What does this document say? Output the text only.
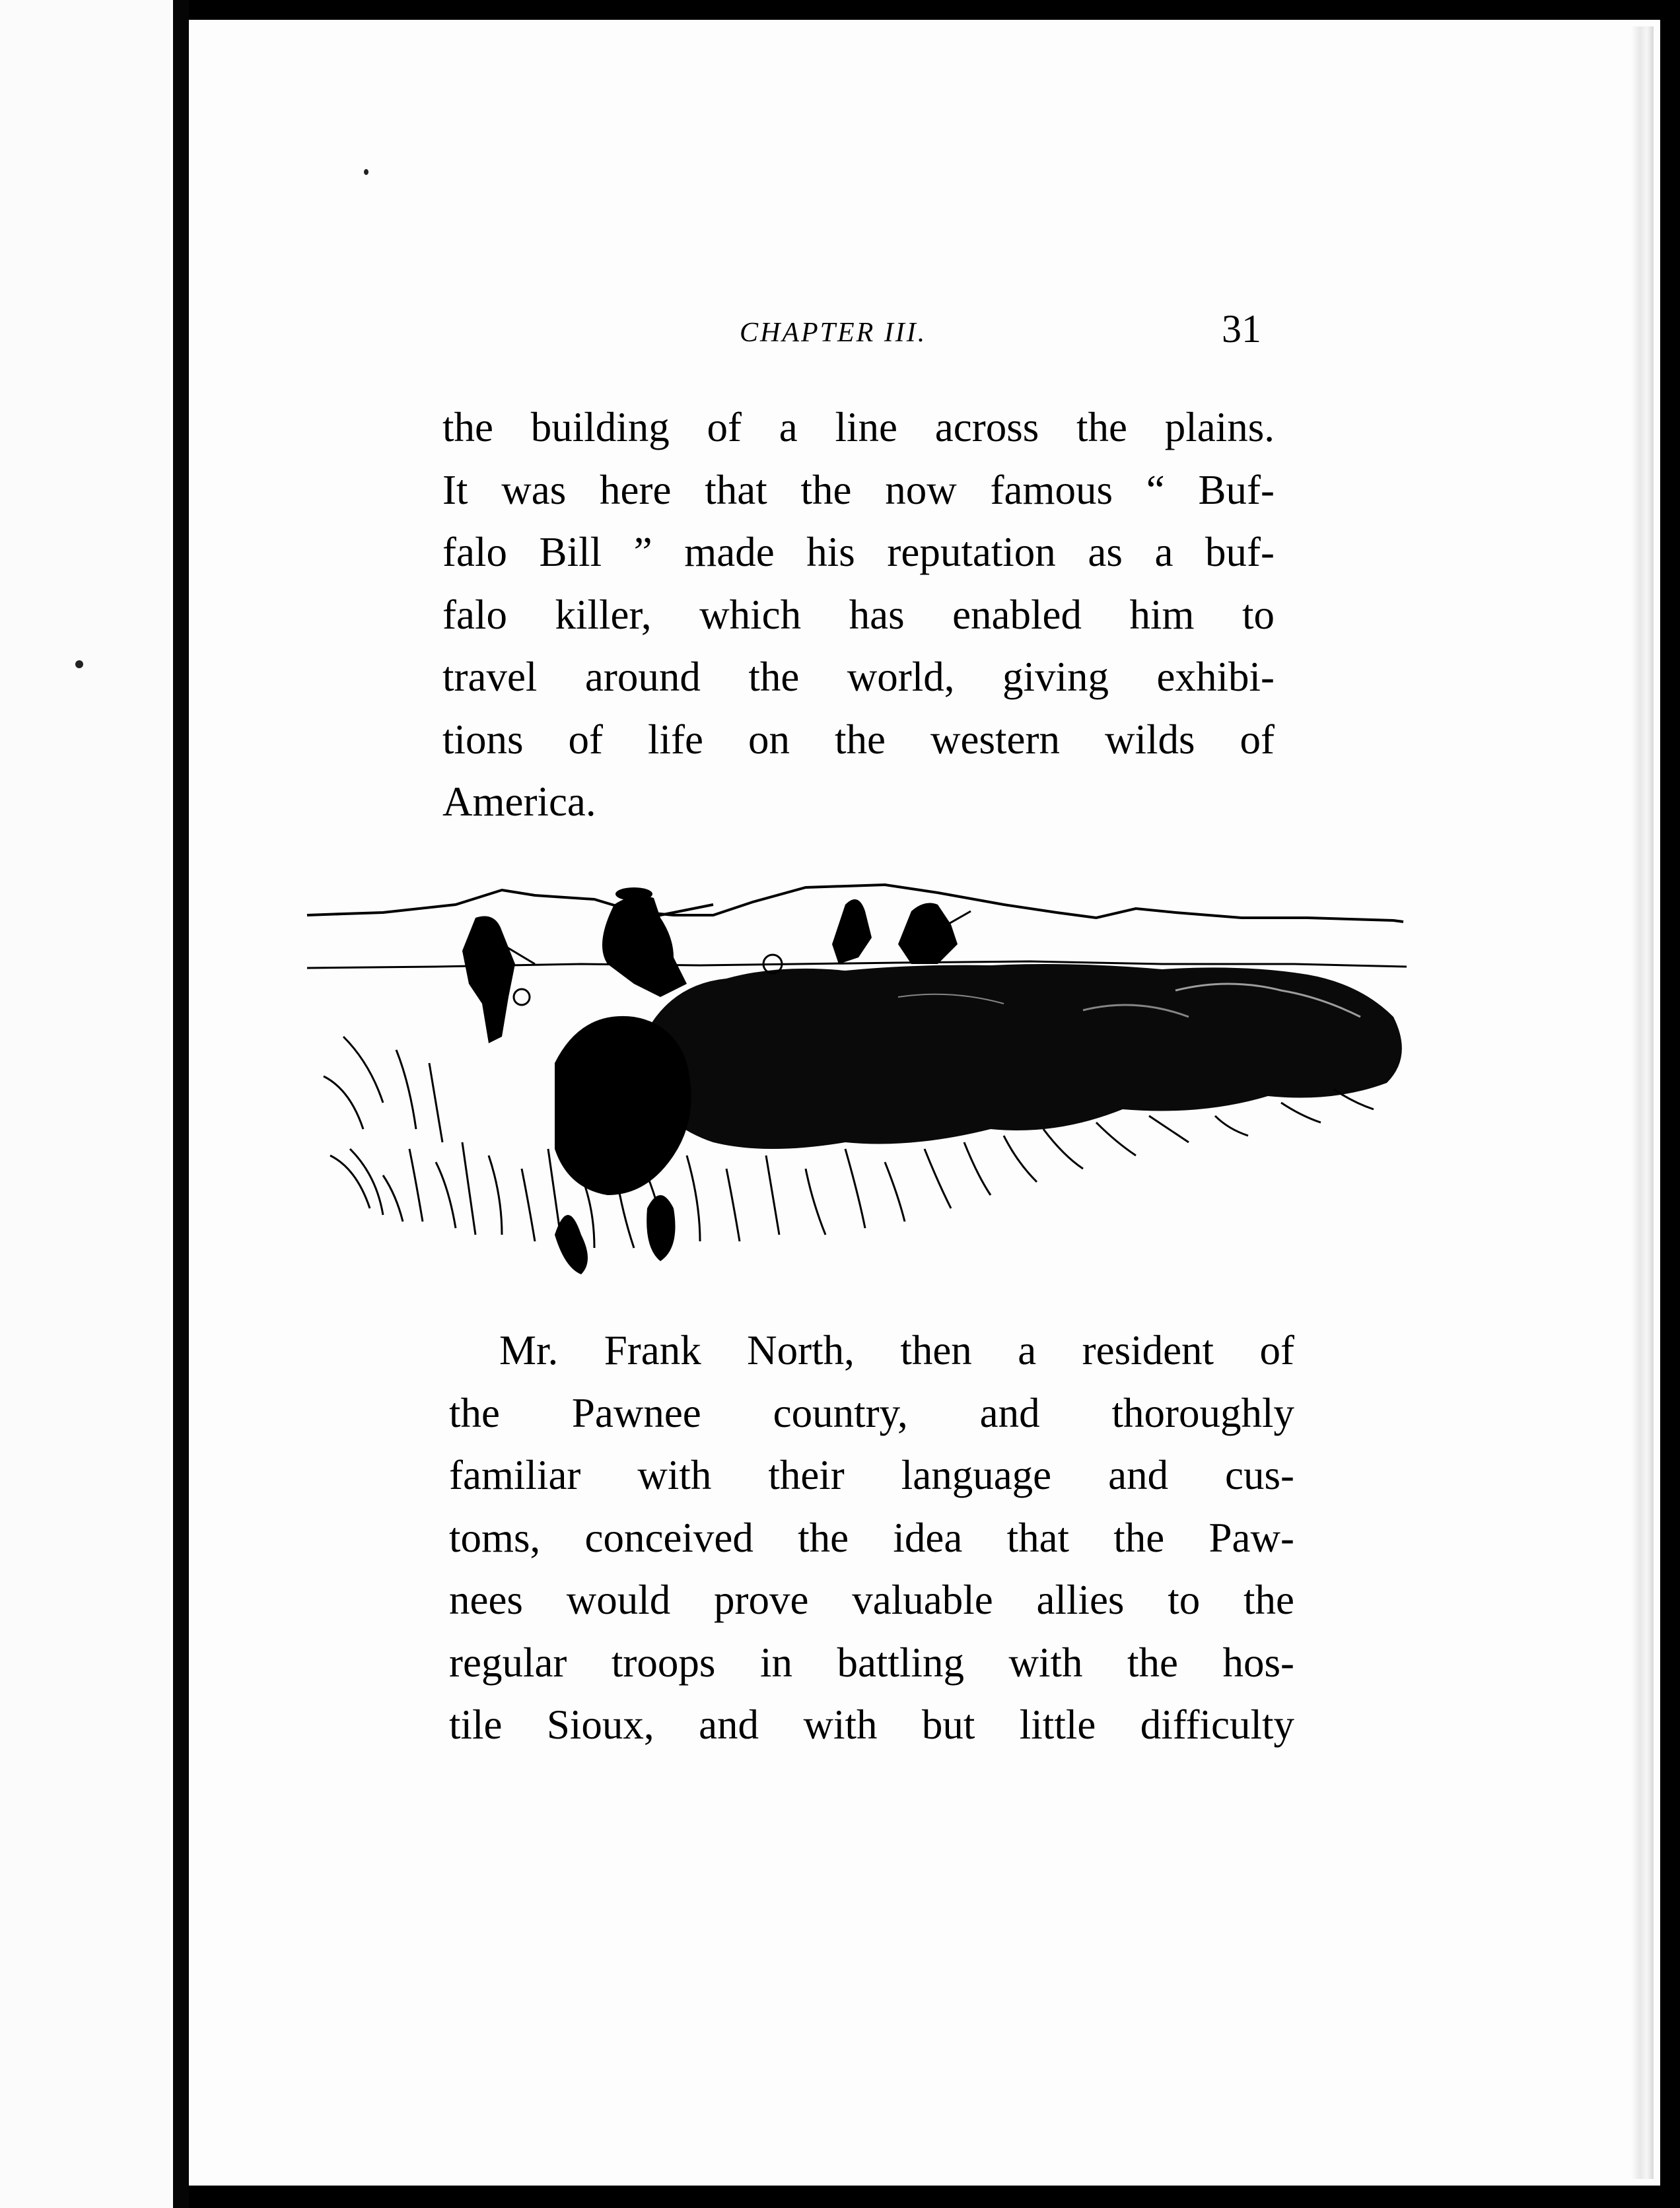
CHAPTER III.	31
the building of a line across the plains.
It was here that the now famous “ Buf-
falo Bill ” made his reputation as a buf-
falo killer, which has enabled him to
travel around the world, giving exhibi-
tions of life on the western wilds of
America.
Mr. Frank North, then a resident of
the Pawnee country, and thoroughly
familiar with their language and cus-
toms, conceived the idea that the Paw-
nees would prove valuable allies to the
regular troops in battling with the hos-
tile Sioux, and with but little difficulty
